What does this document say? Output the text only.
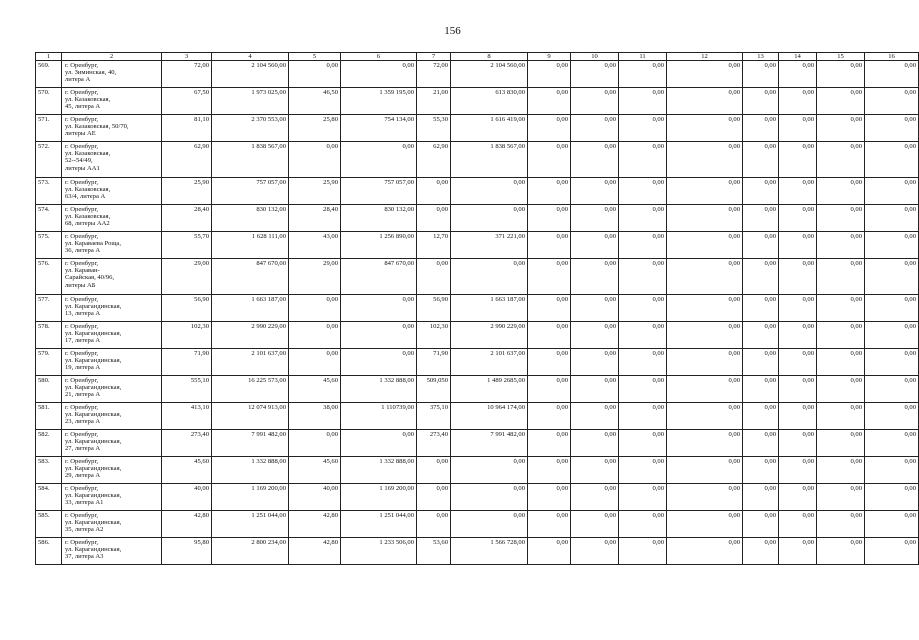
156
1	2	3	4	5	6	7	8	9	10	11	12	13	14	15	16
569.	г. Оренбург,
ул. Зиминская, 40,
литера А	72,00	2 104 560,00	0,00	0,00	72,00	2 104 560,00	0,00	0,00	0,00	0,00	0,00	0,00	0,00	0,00
570.	г. Оренбург,
ул. Казаковская,
45, литера А	67,50	1 973 025,00	46,50	1 359 195,00	21,00	613 830,00	0,00	0,00	0,00	0,00	0,00	0,00	0,00	0,00
571.	г. Оренбург,
ул. Казаковская, 50/70,
литеры АЕ	81,10	2 370 553,00	25,80	754 134,00	55,30	1 616 419,00	0,00	0,00	0,00	0,00	0,00	0,00	0,00	0,00
572.	г. Оренбург,
ул. Казаковская,
52--54/49,
литеры АА1	62,90	1 838 567,00	0,00	0,00	62,90	1 838 567,00	0,00	0,00	0,00	0,00	0,00	0,00	0,00	0,00
573.	г. Оренбург,
ул. Казаковская,
63/4, литера А	25,90	757 057,00	25,90	757 057,00	0,00	0,00	0,00	0,00	0,00	0,00	0,00	0,00	0,00	0,00
574.	г. Оренбург,
ул. Казаковская,
68, литеры АА2	28,40	830 132,00	28,40	830 132,00	0,00	0,00	0,00	0,00	0,00	0,00	0,00	0,00	0,00	0,00
575.	г. Оренбург,
ул. Караваева Роща,
36, литера А	55,70	1 628 111,00	43,00	1 256 890,00	12,70	371 221,00	0,00	0,00	0,00	0,00	0,00	0,00	0,00	0,00
576.	г. Оренбург,
ул. Караван-
Сарайская, 40/96,
литеры АБ	29,00	847 670,00	29,00	847 670,00	0,00	0,00	0,00	0,00	0,00	0,00	0,00	0,00	0,00	0,00
577.	г. Оренбург,
ул. Карагандинская,
13, литера А	56,90	1 663 187,00	0,00	0,00	56,90	1 663 187,00	0,00	0,00	0,00	0,00	0,00	0,00	0,00	0,00
578.	г. Оренбург,
ул. Карагандинская,
17, литера А	102,30	2 990 229,00	0,00	0,00	102,30	2 990 229,00	0,00	0,00	0,00	0,00	0,00	0,00	0,00	0,00
579.	г. Оренбург,
ул. Карагандинская,
19, литера А	71,90	2 101 637,00	0,00	0,00	71,90	2 101 637,00	0,00	0,00	0,00	0,00	0,00	0,00	0,00	0,00
580.	г. Оренбург,
ул. Карагандинская,
21, литера А	555,10	16 225 573,00	45,60	1 332 888,00	509,050	1 489 2685,00	0,00	0,00	0,00	0,00	0,00	0,00	0,00	0,00
581.	г. Оренбург,
ул. Карагандинская,
23, литера А	413,10	12 074 913,00	38,00	1 110739,00	375,10	10 964 174,00	0,00	0,00	0,00	0,00	0,00	0,00	0,00	0,00
582.	г. Оренбург,
ул. Карагандинская,
27, литера А	273,40	7 991 482,00	0,00	0,00	273,40	7 991 482,00	0,00	0,00	0,00	0,00	0,00	0,00	0,00	0,00
583.	г. Оренбург,
ул. Карагандинская,
29, литера А	45,60	1 332 888,00	45,60	1 332 888,00	0,00	0,00	0,00	0,00	0,00	0,00	0,00	0,00	0,00	0,00
584.	г. Оренбург,
ул. Карагандинская,
33, литера А1	40,00	1 169 200,00	40,00	1 169 200,00	0,00	0,00	0,00	0,00	0,00	0,00	0,00	0,00	0,00	0,00
585.	г. Оренбург,
ул. Карагандинская,
35, литера А2	42,80	1 251 044,00	42,80	1 251 044,00	0,00	0,00	0,00	0,00	0,00	0,00	0,00	0,00	0,00	0,00
586.	г. Оренбург,
ул. Карагандинская,
37, литера А3	95,80	2 800 234,00	42,80	1 233 506,00	53,60	1 566 728,00	0,00	0,00	0,00	0,00	0,00	0,00	0,00	0,00
